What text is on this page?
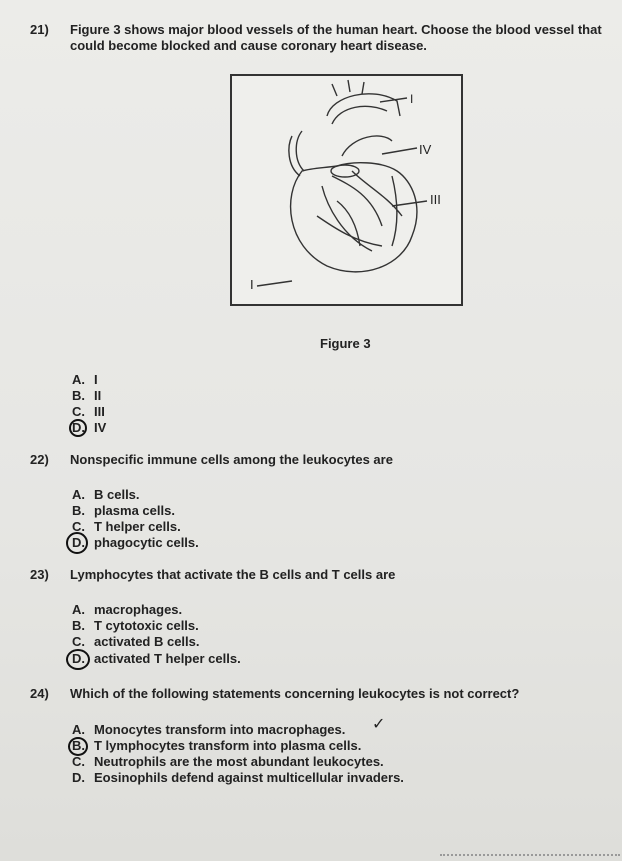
21) Figure 3 shows major blood vessels of the human heart. Choose the blood vessel that
could become blocked and cause coronary heart disease.
I
IV
III
I
Figure 3
A. I
B. II
C. III
D. IV
22) Nonspecific immune cells among the leukocytes are
A. B cells.
B. plasma cells.
C. T helper cells.
D. phagocytic cells.
23) Lymphocytes that activate the B cells and T cells are
A. macrophages.
B. T cytotoxic cells.
C. activated B cells.
D. activated T helper cells.
24) Which of the following statements concerning leukocytes is not correct?
A. Monocytes transform into macrophages. ✓
B. T lymphocytes transform into plasma cells.
C. Neutrophils are the most abundant leukocytes.
D. Eosinophils defend against multicellular invaders.
